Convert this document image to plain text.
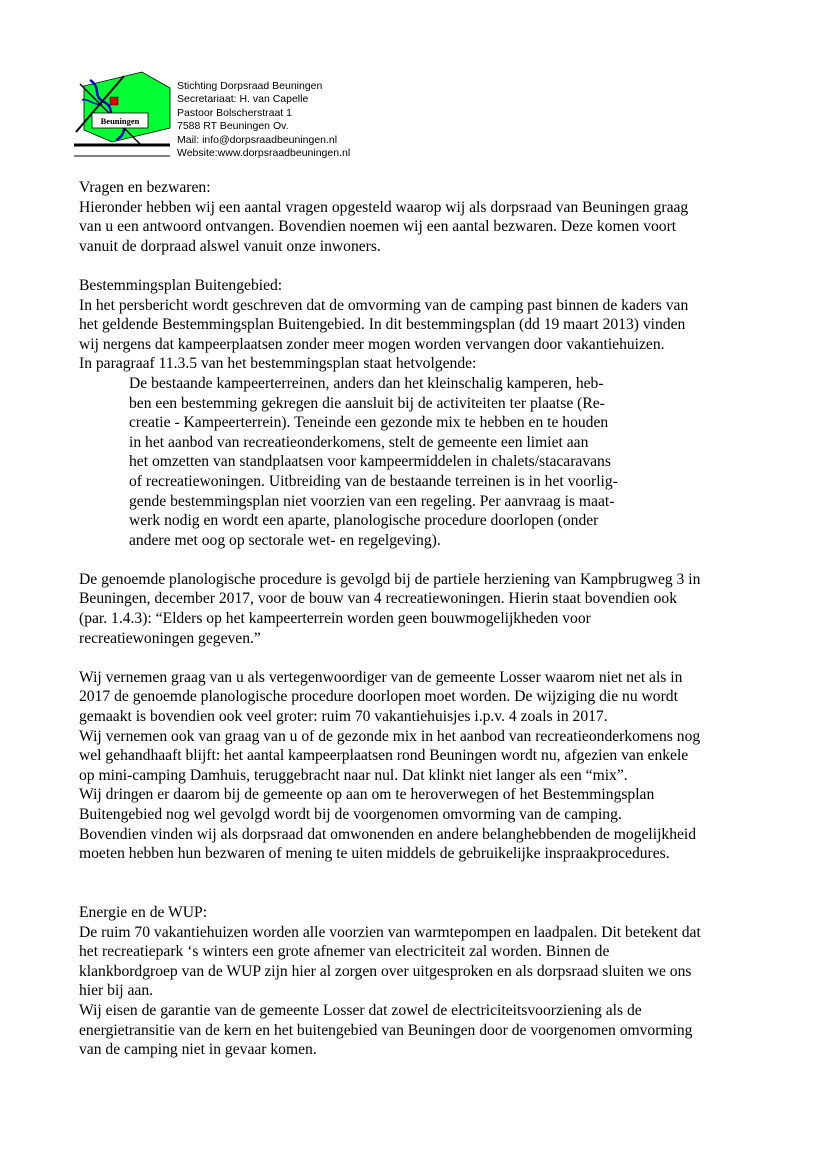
Beuningen
Stichting Dorpsraad Beuningen
Secretariaat: H. van Capelle
Pastoor Bolscherstraat 1
7588 RT Beuningen Ov.
Mail: info@dorpsraadbeuningen.nl
Website:www.dorpsraadbeuningen.nl
Vragen en bezwaren:
Hieronder hebben wij een aantal vragen opgesteld waarop wij als dorpsraad van Beuningen graag
van u een antwoord ontvangen. Bovendien noemen wij een aantal bezwaren. Deze komen voort
vanuit de dorpraad alswel vanuit onze inwoners.
Bestemmingsplan Buitengebied:
In het persbericht wordt geschreven dat de omvorming van de camping past binnen de kaders van
het geldende Bestemmingsplan Buitengebied. In dit bestemmingsplan (dd 19 maart 2013) vinden
wij nergens dat kampeerplaatsen zonder meer mogen worden vervangen door vakantiehuizen.
In paragraaf 11.3.5 van het bestemmingsplan staat hetvolgende:
De bestaande kampeerterreinen, anders dan het kleinschalig kamperen, heb-
ben een bestemming gekregen die aansluit bij de activiteiten ter plaatse (Re-
creatie - Kampeerterrein). Teneinde een gezonde mix te hebben en te houden
in het aanbod van recreatieonderkomens, stelt de gemeente een limiet aan
het omzetten van standplaatsen voor kampeermiddelen in chalets/stacaravans
of recreatiewoningen. Uitbreiding van de bestaande terreinen is in het voorlig-
gende bestemmingsplan niet voorzien van een regeling. Per aanvraag is maat-
werk nodig en wordt een aparte, planologische procedure doorlopen (onder
andere met oog op sectorale wet- en regelgeving).
De genoemde planologische procedure is gevolgd bij de partiele herziening van Kampbrugweg 3 in
Beuningen, december 2017, voor de bouw van 4 recreatiewoningen. Hierin staat bovendien ook
(par. 1.4.3): “Elders op het kampeerterrein worden geen bouwmogelijkheden voor
recreatiewoningen gegeven.”
Wij vernemen graag van u als vertegenwoordiger van de gemeente Losser waarom niet net als in
2017 de genoemde planologische procedure doorlopen moet worden. De wijziging die nu wordt
gemaakt is bovendien ook veel groter: ruim 70 vakantiehuisjes i.p.v. 4 zoals in 2017.
Wij vernemen ook van graag van u of de gezonde mix in het aanbod van recreatieonderkomens nog
wel gehandhaaft blijft: het aantal kampeerplaatsen rond Beuningen wordt nu, afgezien van enkele
op mini-camping Damhuis, teruggebracht naar nul. Dat klinkt niet langer als een “mix”.
Wij dringen er daarom bij de gemeente op aan om te heroverwegen of het Bestemmingsplan
Buitengebied nog wel gevolgd wordt bij de voorgenomen omvorming van de camping.
Bovendien vinden wij als dorpsraad dat omwonenden en andere belanghebbenden de mogelijkheid
moeten hebben hun bezwaren of mening te uiten middels de gebruikelijke inspraakprocedures.
Energie en de WUP:
De ruim 70 vakantiehuizen worden alle voorzien van warmtepompen en laadpalen. Dit betekent dat
het recreatiepark ‘s winters een grote afnemer van electriciteit zal worden. Binnen de
klankbordgroep van de WUP zijn hier al zorgen over uitgesproken en als dorpsraad sluiten we ons
hier bij aan.
Wij eisen de garantie van de gemeente Losser dat zowel de electriciteitsvoorziening als de
energietransitie van de kern en het buitengebied van Beuningen door de voorgenomen omvorming
van de camping niet in gevaar komen.
